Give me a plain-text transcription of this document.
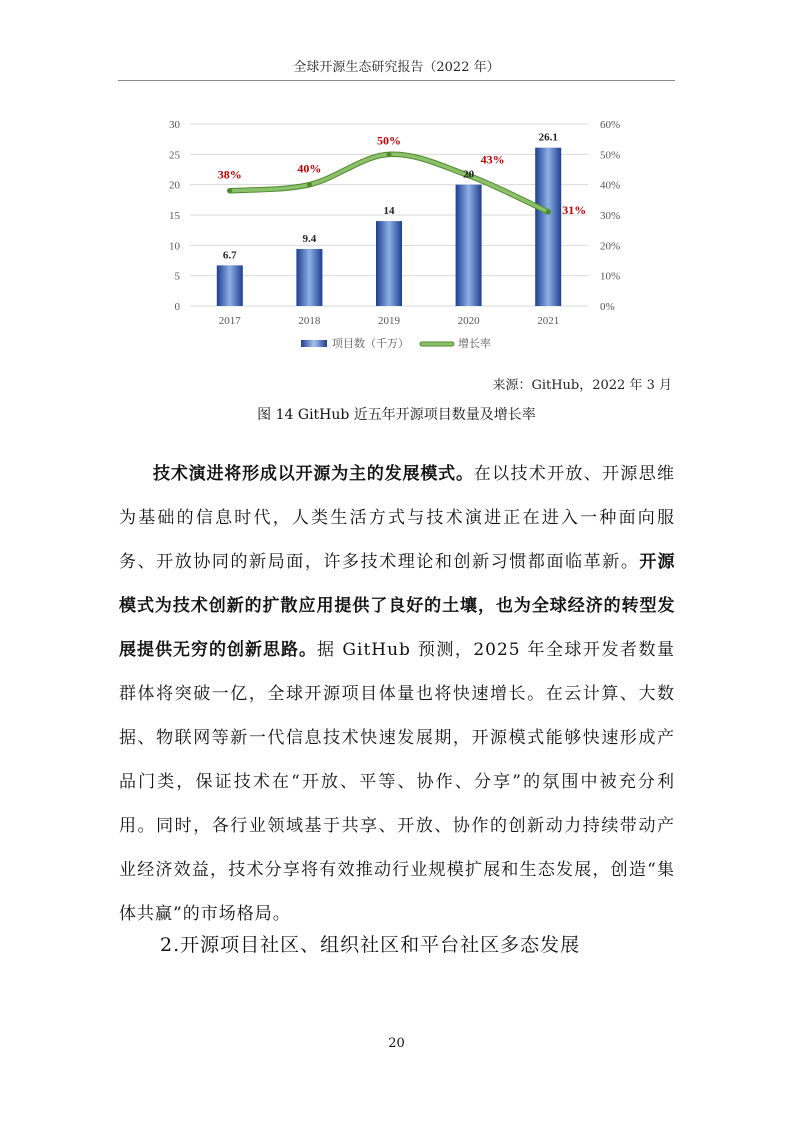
全球开源生态研究报告（2022 年）
0
5
10
15
20
25
30
0%
10%
20%
30%
40%
50%
60%
2017	2018	2019	2020	2021
6.7
9.4
14
20
26.1
38%	40%
50%
43%
31%
项目数（千万）	增长率
来源：GitHub，2022 年 3 月
图 14 GitHub 近五年开源项目数量及增长率

技术演进将形成以开源为主的发展模式。在以技术开放、开源思维为基础的信息时代，人类生活方式与技术演进正在进入一种面向服务、开放协同的新局面，许多技术理论和创新习惯都面临革新。开源模式为技术创新的扩散应用提供了良好的土壤，也为全球经济的转型发展提供无穷的创新思路。据 GitHub 预测，2025 年全球开发者数量群体将突破一亿，全球开源项目体量也将快速增长。在云计算、大数据、物联网等新一代信息技术快速发展期，开源模式能够快速形成产品门类，保证技术在“开放、平等、协作、分享”的氛围中被充分利用。同时，各行业领域基于共享、开放、协作的创新动力持续带动产业经济效益，技术分享将有效推动行业规模扩展和生态发展，创造“集体共赢”的市场格局。

2.开源项目社区、组织社区和平台社区多态发展
20
